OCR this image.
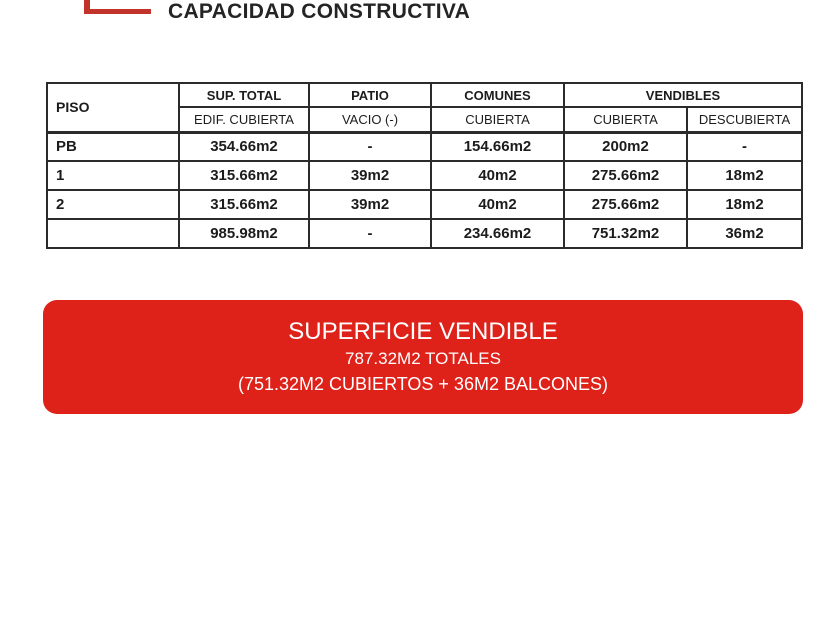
CAPACIDAD CONSTRUCTIVA
PISO	SUP. TOTAL	PATIO	COMUNES	VENDIBLES	
	EDIF. CUBIERTA	VACIO (-)	CUBIERTA	CUBIERTA	DESCUBIERTA
PB	354.66m2	-	154.66m2	200m2	-
1	315.66m2	39m2	40m2	275.66m2	18m2
2	315.66m2	39m2	40m2	275.66m2	18m2
	985.98m2	-	234.66m2	751.32m2	36m2
SUPERFICIE VENDIBLE
787.32M2 TOTALES
(751.32M2 CUBIERTOS + 36M2 BALCONES)
